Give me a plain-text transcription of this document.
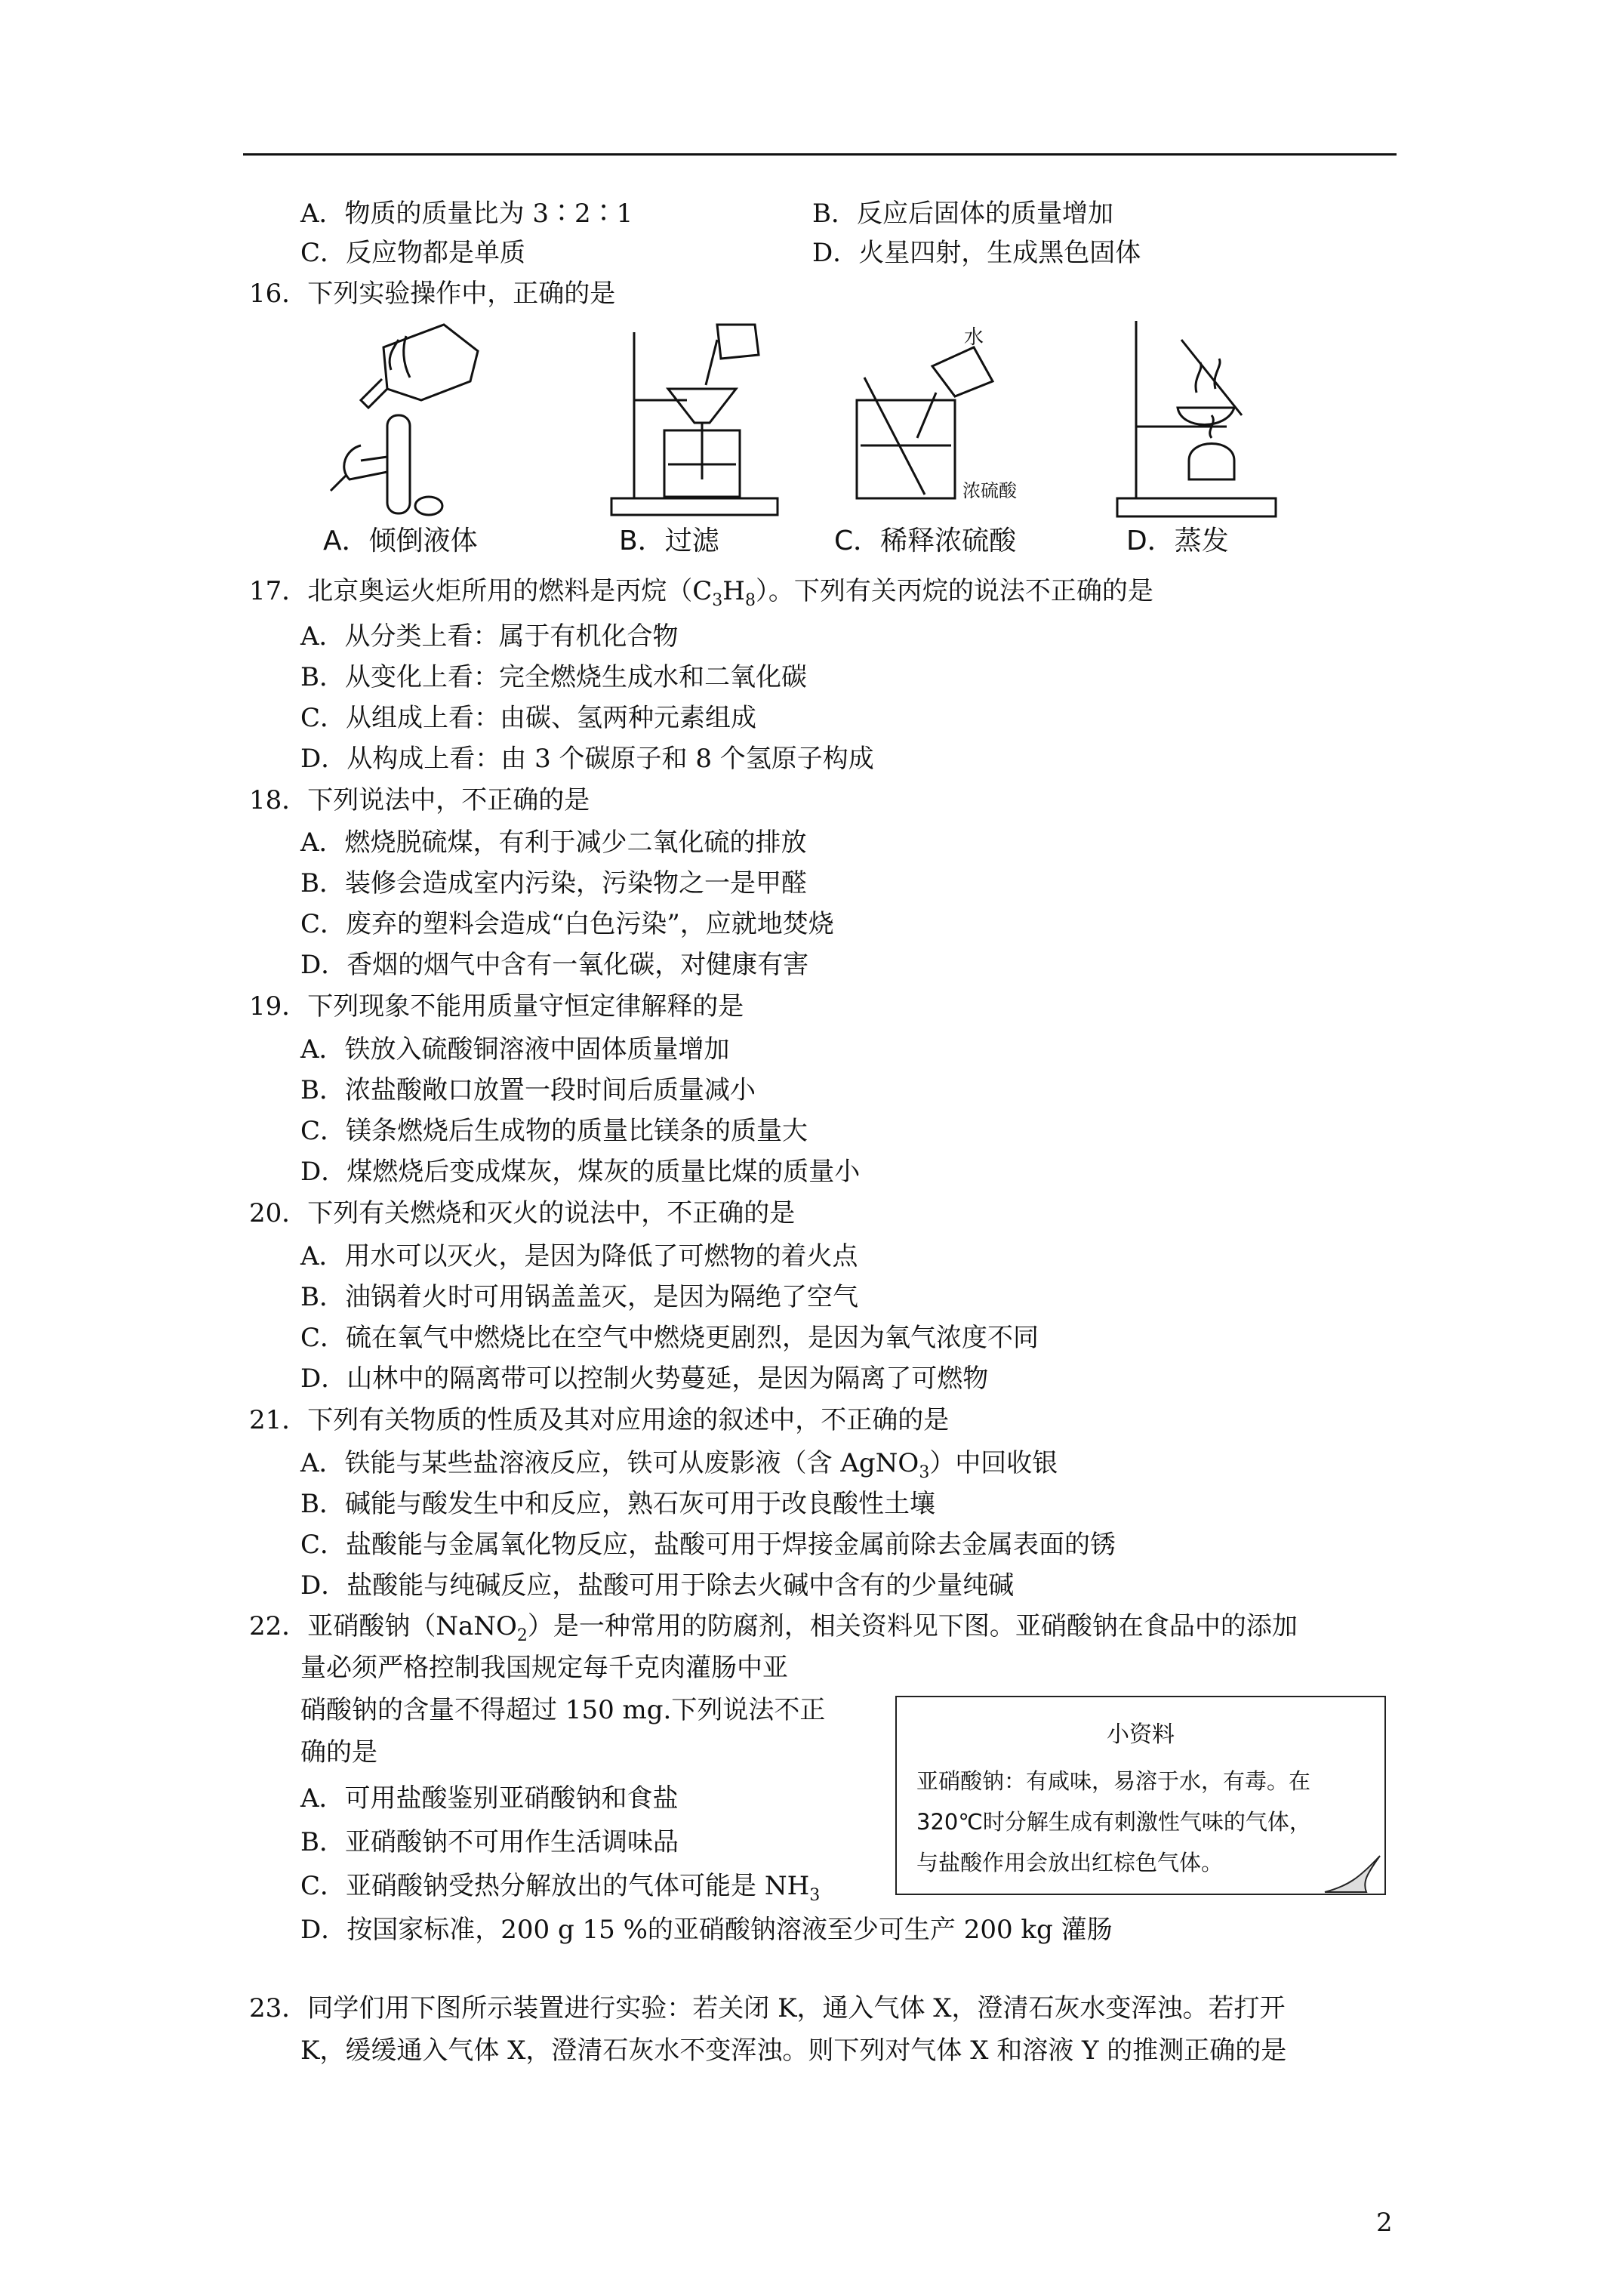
A．物质的质量比为 3∶2∶1	B．反应后固体的质量增加
C．反应物都是单质	D．火星四射，生成黑色固体
16．下列实验操作中，正确的是
水
浓硫酸
A．倾倒液体	B．过滤	C．稀释浓硫酸	D．蒸发
17．北京奥运火炬所用的燃料是丙烷$(C_3H_8)$。下列有关丙烷的说法不正确的是
A．从分类上看：属于有机化合物
B．从变化上看：完全燃烧生成水和二氧化碳
C．从组成上看：由碳、氢两种元素组成
D．从构成上看：由 3 个碳原子和 8 个氢原子构成
18．下列说法中，不正确的是
A．燃烧脱硫煤，有利于减少二氧化硫的排放
B．装修会造成室内污染，污染物之一是甲醛
C．废弃的塑料会造成“白色污染”，应就地焚烧
D．香烟的烟气中含有一氧化碳，对健康有害
19．下列现象不能用质量守恒定律解释的是
A．铁放入硫酸铜溶液中固体质量增加
B．浓盐酸敞口放置一段时间后质量减小
C．镁条燃烧后生成物的质量比镁条的质量大
D．煤燃烧后变成煤灰，煤灰的质量比煤的质量小
20．下列有关燃烧和灭火的说法中，不正确的是
A．用水可以灭火，是因为降低了可燃物的着火点
B．油锅着火时可用锅盖盖灭，是因为隔绝了空气
C．硫在氧气中燃烧比在空气中燃烧更剧烈，是因为氧气浓度不同
D．山林中的隔离带可以控制火势蔓延，是因为隔离了可燃物
21．下列有关物质的性质及其对应用途的叙述中，不正确的是
A．铁能与某些盐溶液反应，铁可从废影液（含 AgNO$_3$）中回收银
B．碱能与酸发生中和反应，熟石灰可用于改良酸性土壤
C．盐酸能与金属氧化物反应，盐酸可用于焊接金属前除去金属表面的锈
D．盐酸能与纯碱反应，盐酸可用于除去火碱中含有的少量纯碱
22．亚硝酸钠（NaNO$_2$）是一种常用的防腐剂，相关资料见下图。亚硝酸钠在食品中的添加
量必须严格控制我国规定每千克肉灌肠中亚
硝酸钠的含量不得超过 150 mg.下列说法不正
确的是
A．可用盐酸鉴别亚硝酸钠和食盐
B．亚硝酸钠不可用作生活调味品
C．亚硝酸钠受热分解放出的气体可能是 $NH_3$
D．按国家标准，200 g 15 %的亚硝酸钠溶液至少可生产 200 kg 灌肠
小资料
亚硝酸钠：有咸味，易溶于水，有毒。在
320℃时分解生成有刺激性气味的气体，
与盐酸作用会放出红棕色气体。
23．同学们用下图所示装置进行实验：若关闭 K，通入气体 X，澄清石灰水变浑浊。若打开
K，缓缓通入气体 X，澄清石灰水不变浑浊。则下列对气体 X 和溶液 Y 的推测正确的是
2
